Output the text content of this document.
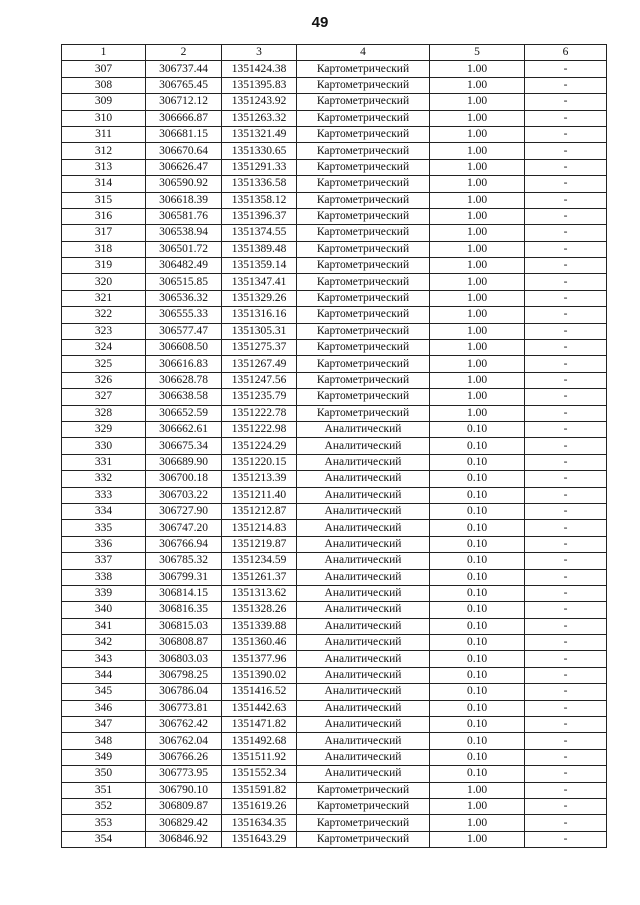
49
1	2	3	4	5	6
307	306737.44	1351424.38	Картометрический	1.00	-
308	306765.45	1351395.83	Картометрический	1.00	-
309	306712.12	1351243.92	Картометрический	1.00	-
310	306666.87	1351263.32	Картометрический	1.00	-
311	306681.15	1351321.49	Картометрический	1.00	-
312	306670.64	1351330.65	Картометрический	1.00	-
313	306626.47	1351291.33	Картометрический	1.00	-
314	306590.92	1351336.58	Картометрический	1.00	-
315	306618.39	1351358.12	Картометрический	1.00	-
316	306581.76	1351396.37	Картометрический	1.00	-
317	306538.94	1351374.55	Картометрический	1.00	-
318	306501.72	1351389.48	Картометрический	1.00	-
319	306482.49	1351359.14	Картометрический	1.00	-
320	306515.85	1351347.41	Картометрический	1.00	-
321	306536.32	1351329.26	Картометрический	1.00	-
322	306555.33	1351316.16	Картометрический	1.00	-
323	306577.47	1351305.31	Картометрический	1.00	-
324	306608.50	1351275.37	Картометрический	1.00	-
325	306616.83	1351267.49	Картометрический	1.00	-
326	306628.78	1351247.56	Картометрический	1.00	-
327	306638.58	1351235.79	Картометрический	1.00	-
328	306652.59	1351222.78	Картометрический	1.00	-
329	306662.61	1351222.98	Аналитический	0.10	-
330	306675.34	1351224.29	Аналитический	0.10	-
331	306689.90	1351220.15	Аналитический	0.10	-
332	306700.18	1351213.39	Аналитический	0.10	-
333	306703.22	1351211.40	Аналитический	0.10	-
334	306727.90	1351212.87	Аналитический	0.10	-
335	306747.20	1351214.83	Аналитический	0.10	-
336	306766.94	1351219.87	Аналитический	0.10	-
337	306785.32	1351234.59	Аналитический	0.10	-
338	306799.31	1351261.37	Аналитический	0.10	-
339	306814.15	1351313.62	Аналитический	0.10	-
340	306816.35	1351328.26	Аналитический	0.10	-
341	306815.03	1351339.88	Аналитический	0.10	-
342	306808.87	1351360.46	Аналитический	0.10	-
343	306803.03	1351377.96	Аналитический	0.10	-
344	306798.25	1351390.02	Аналитический	0.10	-
345	306786.04	1351416.52	Аналитический	0.10	-
346	306773.81	1351442.63	Аналитический	0.10	-
347	306762.42	1351471.82	Аналитический	0.10	-
348	306762.04	1351492.68	Аналитический	0.10	-
349	306766.26	1351511.92	Аналитический	0.10	-
350	306773.95	1351552.34	Аналитический	0.10	-
351	306790.10	1351591.82	Картометрический	1.00	-
352	306809.87	1351619.26	Картометрический	1.00	-
353	306829.42	1351634.35	Картометрический	1.00	-
354	306846.92	1351643.29	Картометрический	1.00	-
